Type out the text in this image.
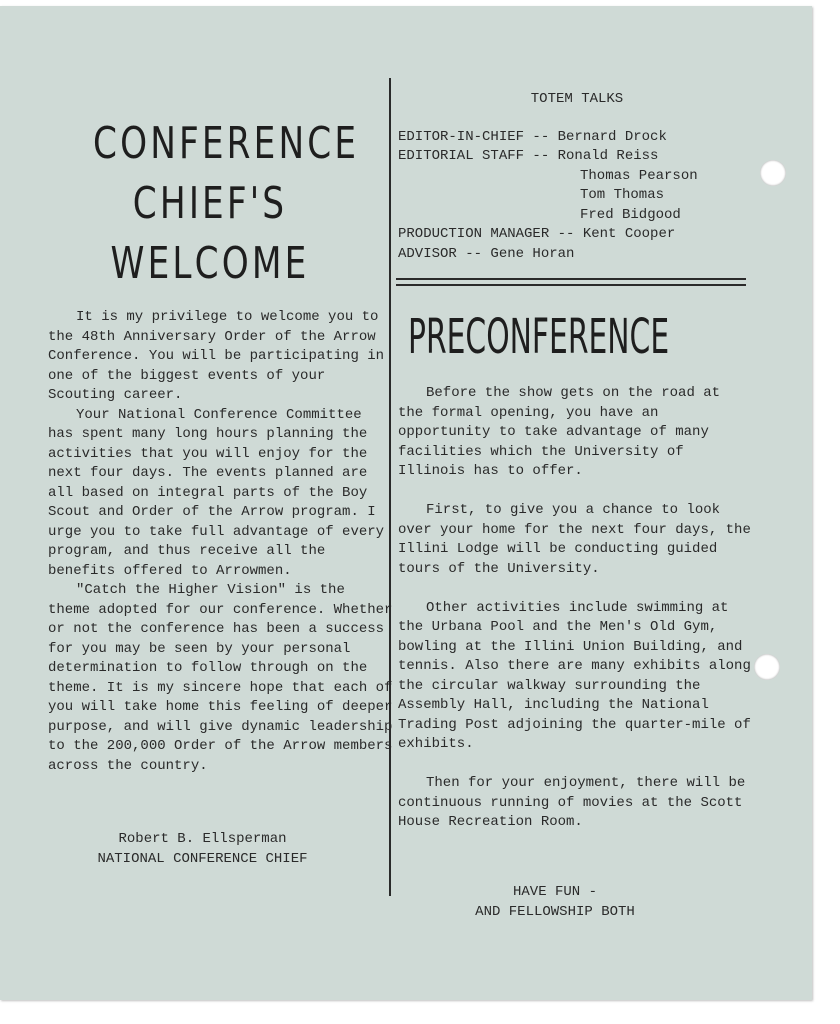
CONFERENCE
CHIEF'S
WELCOME

It is my privilege to welcome you to the 48th Anniversary Order of the Arrow Conference. You will be participating in one of the biggest events of your Scouting career.

Your National Conference Committee has spent many long hours planning the activities that you will enjoy for the next four days. The events planned are all based on integral parts of the Boy Scout and Order of the Arrow program. I urge you to take full advantage of every program, and thus receive all the benefits offered to Arrowmen.

"Catch the Higher Vision" is the theme adopted for our conference. Whether or not the conference has been a success for you may be seen by your personal determination to follow through on the theme. It is my sincere hope that each of you will take home this feeling of deeper purpose, and will give dynamic leadership to the 200,000 Order of the Arrow members across the country.

Robert B. Ellsperman
NATIONAL CONFERENCE CHIEF
TOTEM TALKS
EDITOR-IN-CHIEF -- Bernard Drock
EDITORIAL STAFF -- Ronald Reiss
Thomas Pearson
Tom Thomas
Fred Bidgood
PRODUCTION MANAGER -- Kent Cooper
ADVISOR -- Gene Horan
PRECONFERENCE

Before the show gets on the road at the formal opening, you have an opportunity to take advantage of many facilities which the University of Illinois has to offer.

First, to give you a chance to look over your home for the next four days, the Illini Lodge will be conducting guided tours of the University.

Other activities include swimming at the Urbana Pool and the Men's Old Gym, bowling at the Illini Union Building, and tennis. Also there are many exhibits along the circular walkway surrounding the Assembly Hall, including the National Trading Post adjoining the quarter-mile of exhibits.

Then for your enjoyment, there will be continuous running of movies at the Scott House Recreation Room.

HAVE FUN -
AND FELLOWSHIP BOTH
